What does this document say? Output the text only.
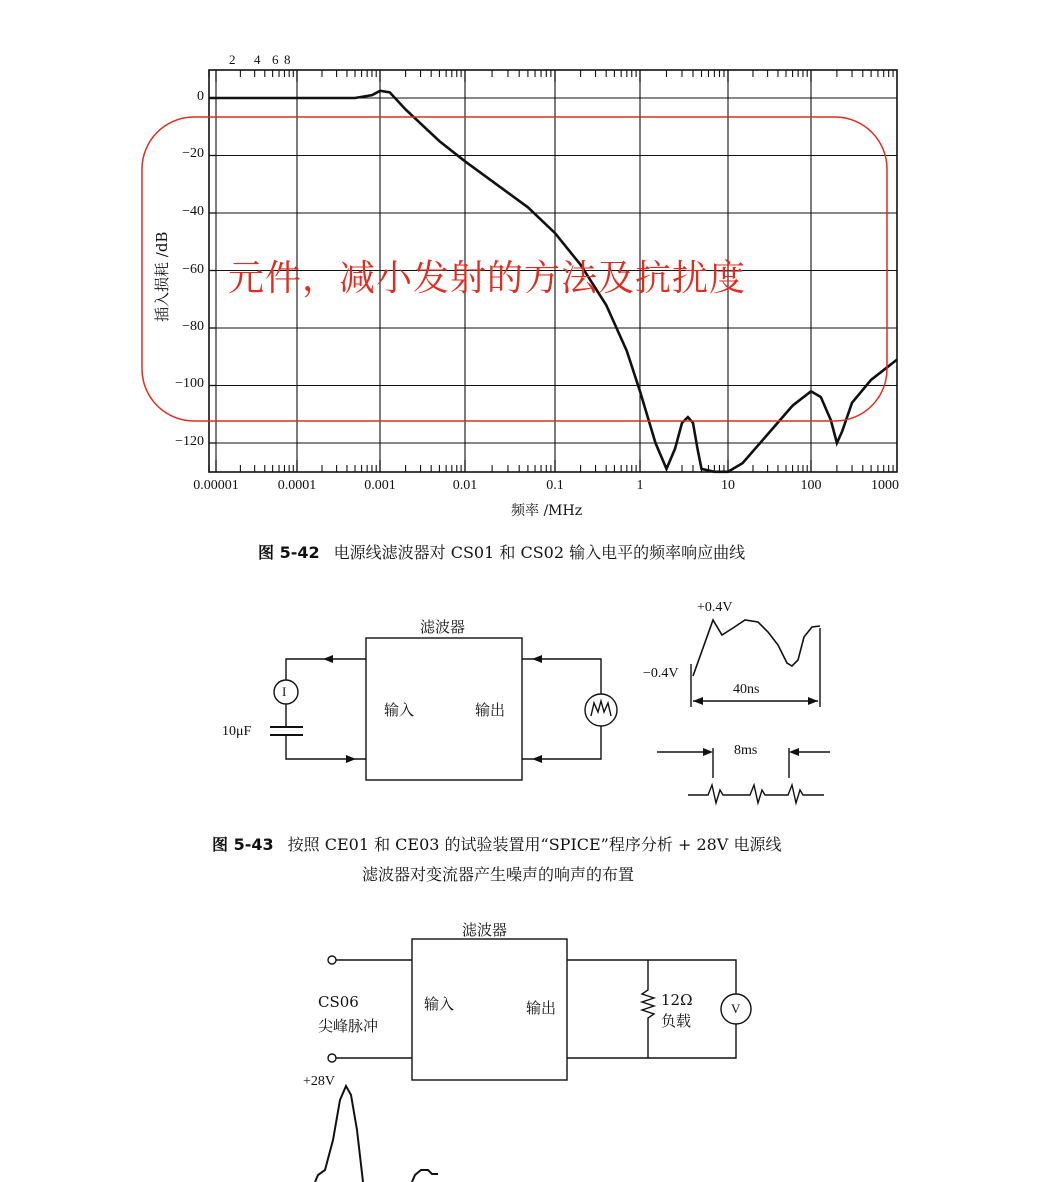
2 4 6 8
0
−20
−40
−60
−80
−100
−120
0.00001	0.0001	0.001	0.01	0.1	1	10	100	1000
频率 /MHz
插入损耗 /dB 元件，减小发射的方法及抗扰度
图 5-42 电源线滤波器对 CS01 和 CS02 输入电平的频率响应曲线
滤波器
输入	输出
I
10μF
+0.4V
−0.4V
40ns
8ms
图 5-43 按照 CE01 和 CE03 的试验装置用“SPICE”程序分析 + 28V 电源线
滤波器对变流器产生噪声的响声的布置
滤波器
输入	输出
CS06
尖峰脉冲
12Ω
负载
V
+28V
